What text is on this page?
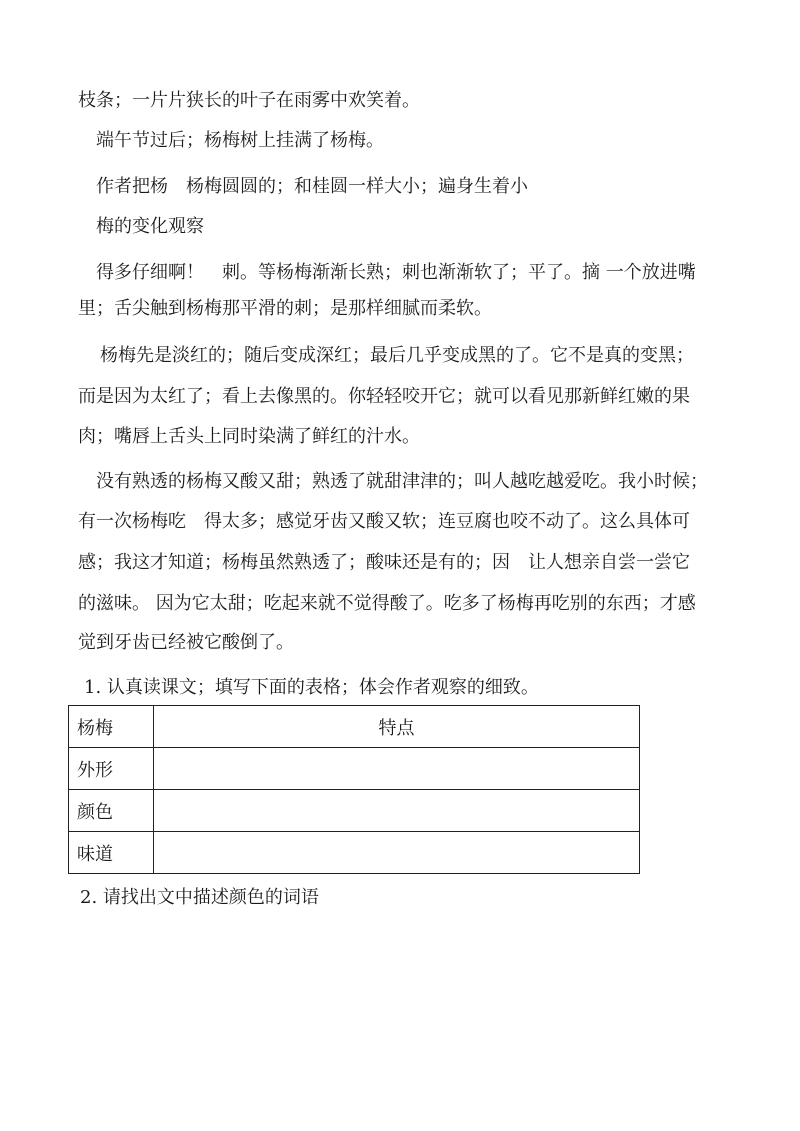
枝条；一片片狭长的叶子在雨雾中欢笑着。
端午节过后；杨梅树上挂满了杨梅。
作者把杨　杨梅圆圆的；和桂圆一样大小；遍身生着小
梅的变化观察
得多仔细啊！　刺。等杨梅渐渐长熟；刺也渐渐软了；平了。摘 一个放进嘴
里；舌尖触到杨梅那平滑的刺；是那样细腻而柔软。
杨梅先是淡红的；随后变成深红；最后几乎变成黑的了。它不是真的变黑；
而是因为太红了；看上去像黑的。你轻轻咬开它；就可以看见那新鲜红嫩的果
肉；嘴唇上舌头上同时染满了鲜红的汁水。
没有熟透的杨梅又酸又甜；熟透了就甜津津的；叫人越吃越爱吃。我小时候；
有一次杨梅吃　得太多；感觉牙齿又酸又软；连豆腐也咬不动了。这么具体可
感；我这才知道；杨梅虽然熟透了；酸味还是有的；因　让人想亲自尝一尝它
的滋味。 因为它太甜；吃起来就不觉得酸了。吃多了杨梅再吃别的东西；才感
觉到牙齿已经被它酸倒了。
1. 认真读课文；填写下面的表格；体会作者观察的细致。
杨梅	特点
外形	
颜色	
味道	
2. 请找出文中描述颜色的词语
